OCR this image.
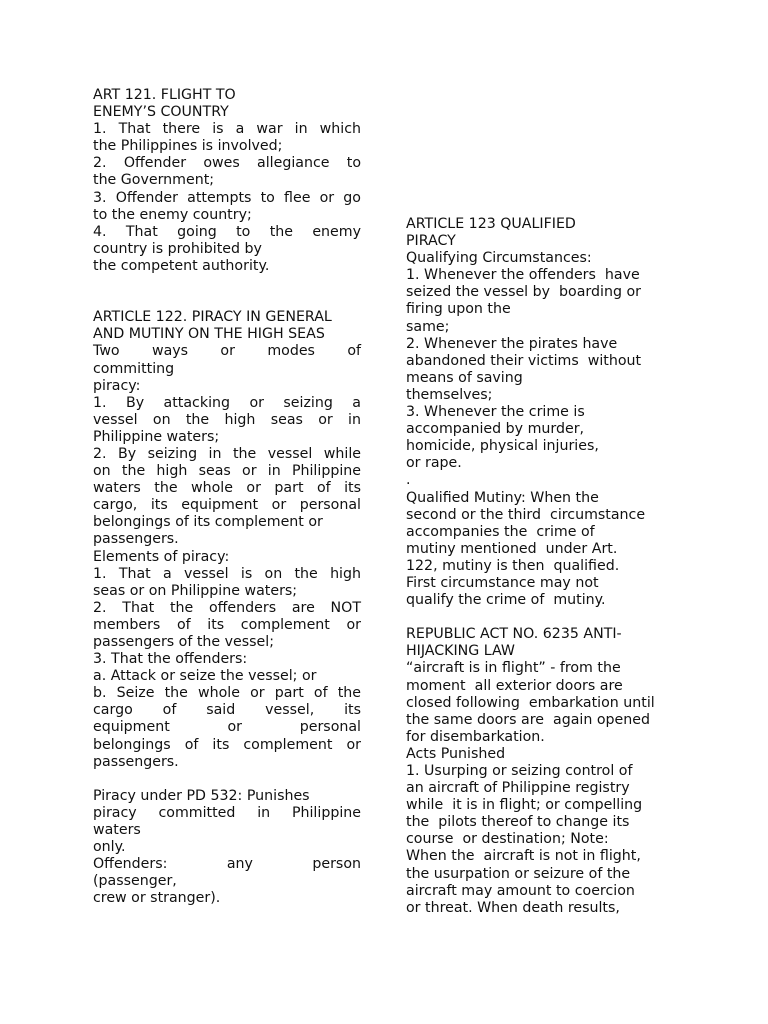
ART 121. FLIGHT TO
ENEMY’S COUNTRY
1. That there is a war in which
the Philippines is involved;
2. Offender owes allegiance to
the Government;
3. Offender attempts to flee or go
to the enemy country;
4. That going to the enemy
country is prohibited by
the competent authority.
ARTICLE 122. PIRACY IN GENERAL
AND MUTINY ON THE HIGH SEAS
Two ways or modes of
committing
piracy:
1. By attacking or seizing a
vessel on the high seas or in
Philippine waters;
2. By seizing in the vessel while
on the high seas or in Philippine
waters the whole or part of its
cargo, its equipment or personal
belongings of its complement or
passengers.
Elements of piracy:
1. That a vessel is on the high
seas or on Philippine waters;
2. That the offenders are NOT
members of its complement or
passengers of the vessel;
3. That the offenders:
a. Attack or seize the vessel; or
b. Seize the whole or part of the
cargo of said vessel, its
equipment or personal
belongings of its complement or
passengers.
Piracy under PD 532: Punishes
piracy committed in Philippine
waters
only.
Offenders: any person
(passenger,
crew or stranger).
ARTICLE 123 QUALIFIED
PIRACY
Qualifying Circumstances:
1. Whenever the offenders  have
seized the vessel by  boarding or
firing upon the
same;
2. Whenever the pirates have
abandoned their victims  without
means of saving
themselves;
3. Whenever the crime is
accompanied by murder,
homicide, physical injuries,
or rape.
.
Qualified Mutiny: When the
second or the third  circumstance
accompanies the  crime of
mutiny mentioned  under Art.
122, mutiny is then  qualified.
First circumstance may not
qualify the crime of  mutiny.
REPUBLIC ACT NO. 6235 ANTI-
HIJACKING LAW
“aircraft is in flight” - from the
moment  all exterior doors are
closed following  embarkation until
the same doors are  again opened
for disembarkation.
Acts Punished
1. Usurping or seizing control of
an aircraft of Philippine registry
while  it is in flight; or compelling
the  pilots thereof to change its
course  or destination; Note:
When the  aircraft is not in flight,
the usurpation or seizure of the
aircraft may amount to coercion
or threat. When death results,
